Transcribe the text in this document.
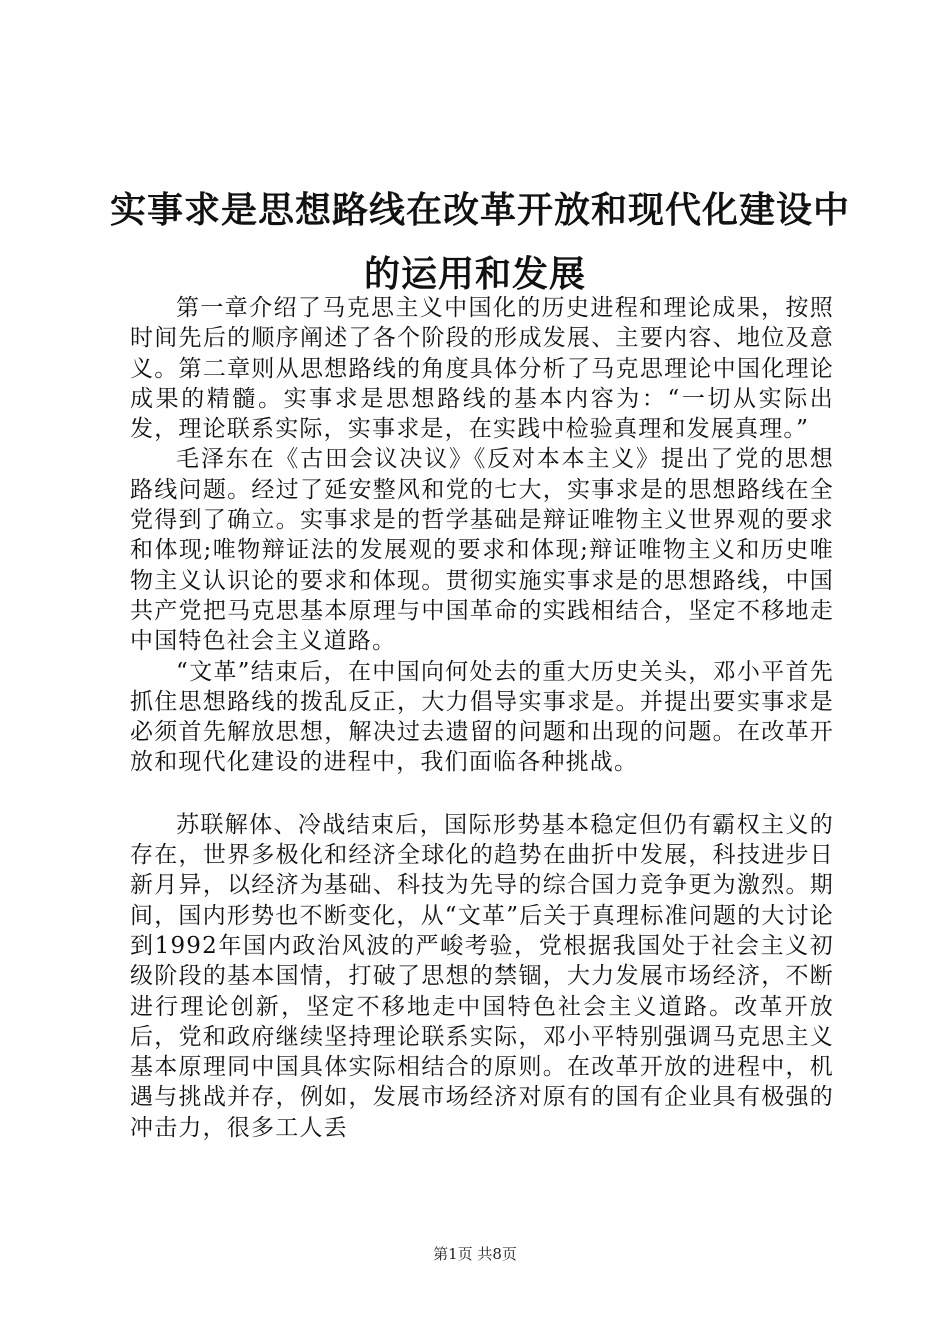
实事求是思想路线在改革开放和现代化建设中
的运用和发展

第一章介绍了马克思主义中国化的历史进程和理论成果，按照时间先后的顺序阐述了各个阶段的形成发展、主要内容、地位及意义。第二章则从思想路线的角度具体分析了马克思理论中国化理论成果的精髓。实事求是思想路线的基本内容为：“一切从实际出发，理论联系实际，实事求是，在实践中检验真理和发展真理。”

毛泽东在《古田会议决议》《反对本本主义》提出了党的思想路线问题。经过了延安整风和党的七大，实事求是的思想路线在全党得到了确立。实事求是的哲学基础是辩证唯物主义世界观的要求和体现;唯物辩证法的发展观的要求和体现;辩证唯物主义和历史唯物主义认识论的要求和体现。贯彻实施实事求是的思想路线，中国共产党把马克思基本原理与中国革命的实践相结合，坚定不移地走中国特色社会主义道路。

“文革”结束后，在中国向何处去的重大历史关头，邓小平首先抓住思想路线的拨乱反正，大力倡导实事求是。并提出要实事求是必须首先解放思想，解决过去遗留的问题和出现的问题。在改革开放和现代化建设的进程中，我们面临各种挑战。

苏联解体、冷战结束后，国际形势基本稳定但仍有霸权主义的存在，世界多极化和经济全球化的趋势在曲折中发展，科技进步日新月异，以经济为基础、科技为先导的综合国力竞争更为激烈。期间，国内形势也不断变化，从“文革”后关于真理标准问题的大讨论到1992年国内政治风波的严峻考验，党根据我国处于社会主义初级阶段的基本国情，打破了思想的禁锢，大力发展市场经济，不断进行理论创新，坚定不移地走中国特色社会主义道路。改革开放后，党和政府继续坚持理论联系实际，邓小平特别强调马克思主义基本原理同中国具体实际相结合的原则。在改革开放的进程中，机遇与挑战并存，例如，发展市场经济对原有的国有企业具有极强的冲击力，很多工人丢

第1页 共8页
